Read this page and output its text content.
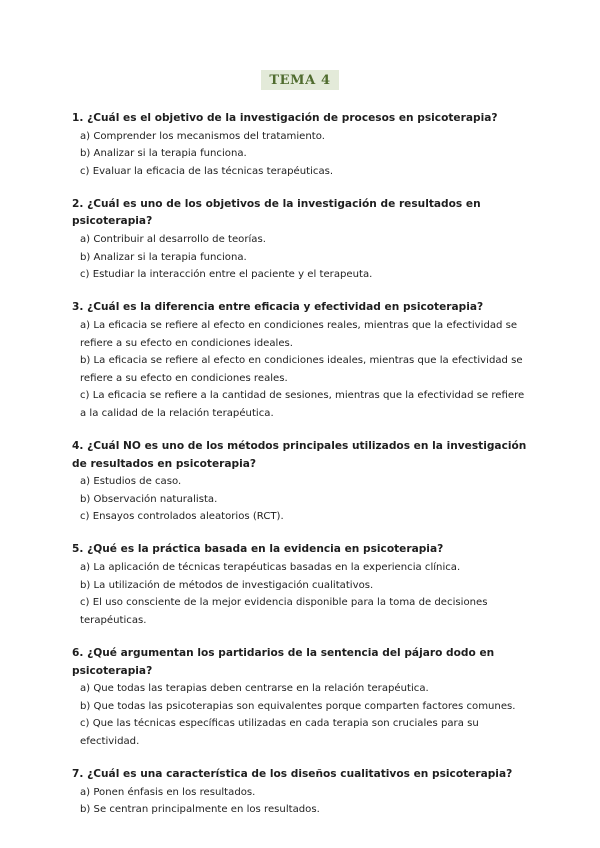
TEMA 4

1. ¿Cuál es el objetivo de la investigación de procesos en psicoterapia?

a) Comprender los mecanismos del tratamiento.

b) Analizar si la terapia funciona.

c) Evaluar la eficacia de las técnicas terapéuticas.

2. ¿Cuál es uno de los objetivos de la investigación de resultados en psicoterapia?

a) Contribuir al desarrollo de teorías.

b) Analizar si la terapia funciona.

c) Estudiar la interacción entre el paciente y el terapeuta.

3. ¿Cuál es la diferencia entre eficacia y efectividad en psicoterapia?

a) La eficacia se refiere al efecto en condiciones reales, mientras que la efectividad se refiere a su efecto en condiciones ideales.

b) La eficacia se refiere al efecto en condiciones ideales, mientras que la efectividad se refiere a su efecto en condiciones reales.

c) La eficacia se refiere a la cantidad de sesiones, mientras que la efectividad se refiere a la calidad de la relación terapéutica.

4. ¿Cuál NO es uno de los métodos principales utilizados en la investigación de resultados en psicoterapia?

a) Estudios de caso.

b) Observación naturalista.

c) Ensayos controlados aleatorios (RCT).

5. ¿Qué es la práctica basada en la evidencia en psicoterapia?

a) La aplicación de técnicas terapéuticas basadas en la experiencia clínica.

b) La utilización de métodos de investigación cualitativos.

c) El uso consciente de la mejor evidencia disponible para la toma de decisiones terapéuticas.

6. ¿Qué argumentan los partidarios de la sentencia del pájaro dodo en psicoterapia?

a) Que todas las terapias deben centrarse en la relación terapéutica.

b) Que todas las psicoterapias son equivalentes porque comparten factores comunes.

c) Que las técnicas específicas utilizadas en cada terapia son cruciales para su efectividad.

7. ¿Cuál es una característica de los diseños cualitativos en psicoterapia?

a) Ponen énfasis en los resultados.

b) Se centran principalmente en los resultados.
